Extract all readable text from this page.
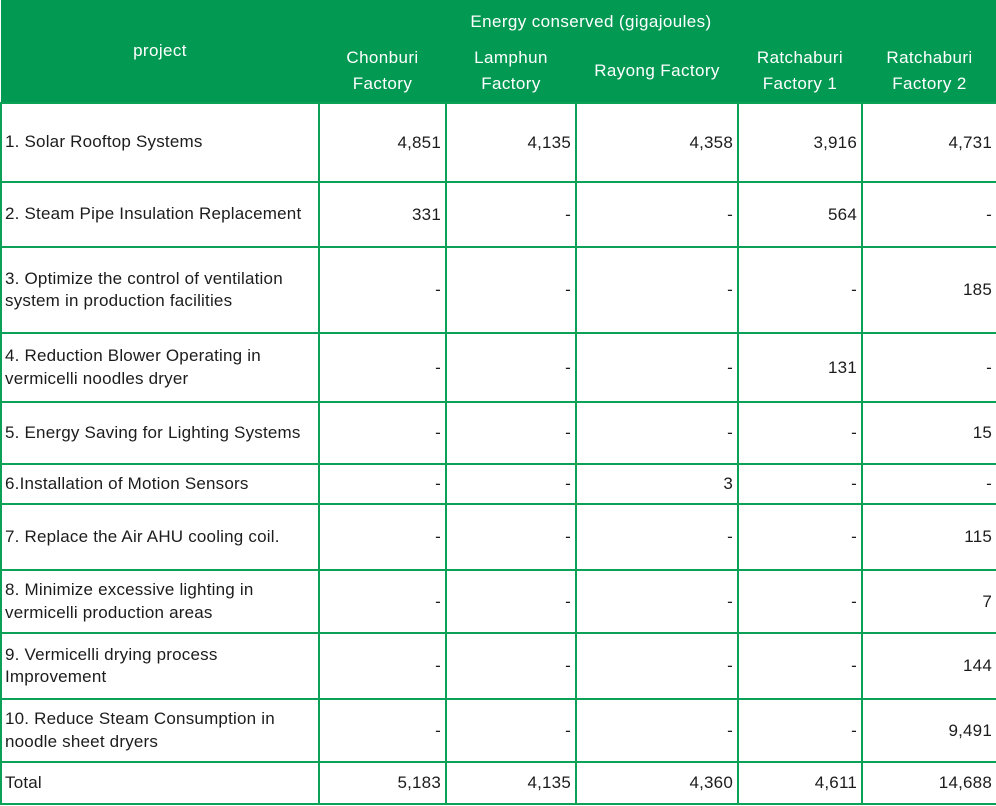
project	Energy conserved (gigajoules)				
	Chonburi Factory	Lamphun Factory	Rayong Factory	Ratchaburi Factory 1	Ratchaburi Factory 2
1. Solar Rooftop Systems	4,851	4,135	4,358	3,916	4,731
2. Steam Pipe Insulation Replacement	331	-	-	564	-
3. Optimize the control of ventilation system in production facilities	-	-	-	-	185
4. Reduction Blower Operating in vermicelli noodles dryer	-	-	-	131	-
5. Energy Saving for Lighting Systems	-	-	-	-	15
6.Installation of Motion Sensors	-	-	3	-	-
7. Replace the Air AHU cooling coil.	-	-	-	-	115
8. Minimize excessive lighting in vermicelli production areas	-	-	-	-	7
9. Vermicelli drying process Improvement	-	-	-	-	144
10. Reduce Steam Consumption in noodle sheet dryers	-	-	-	-	9,491
Total	5,183	4,135	4,360	4,611	14,688
